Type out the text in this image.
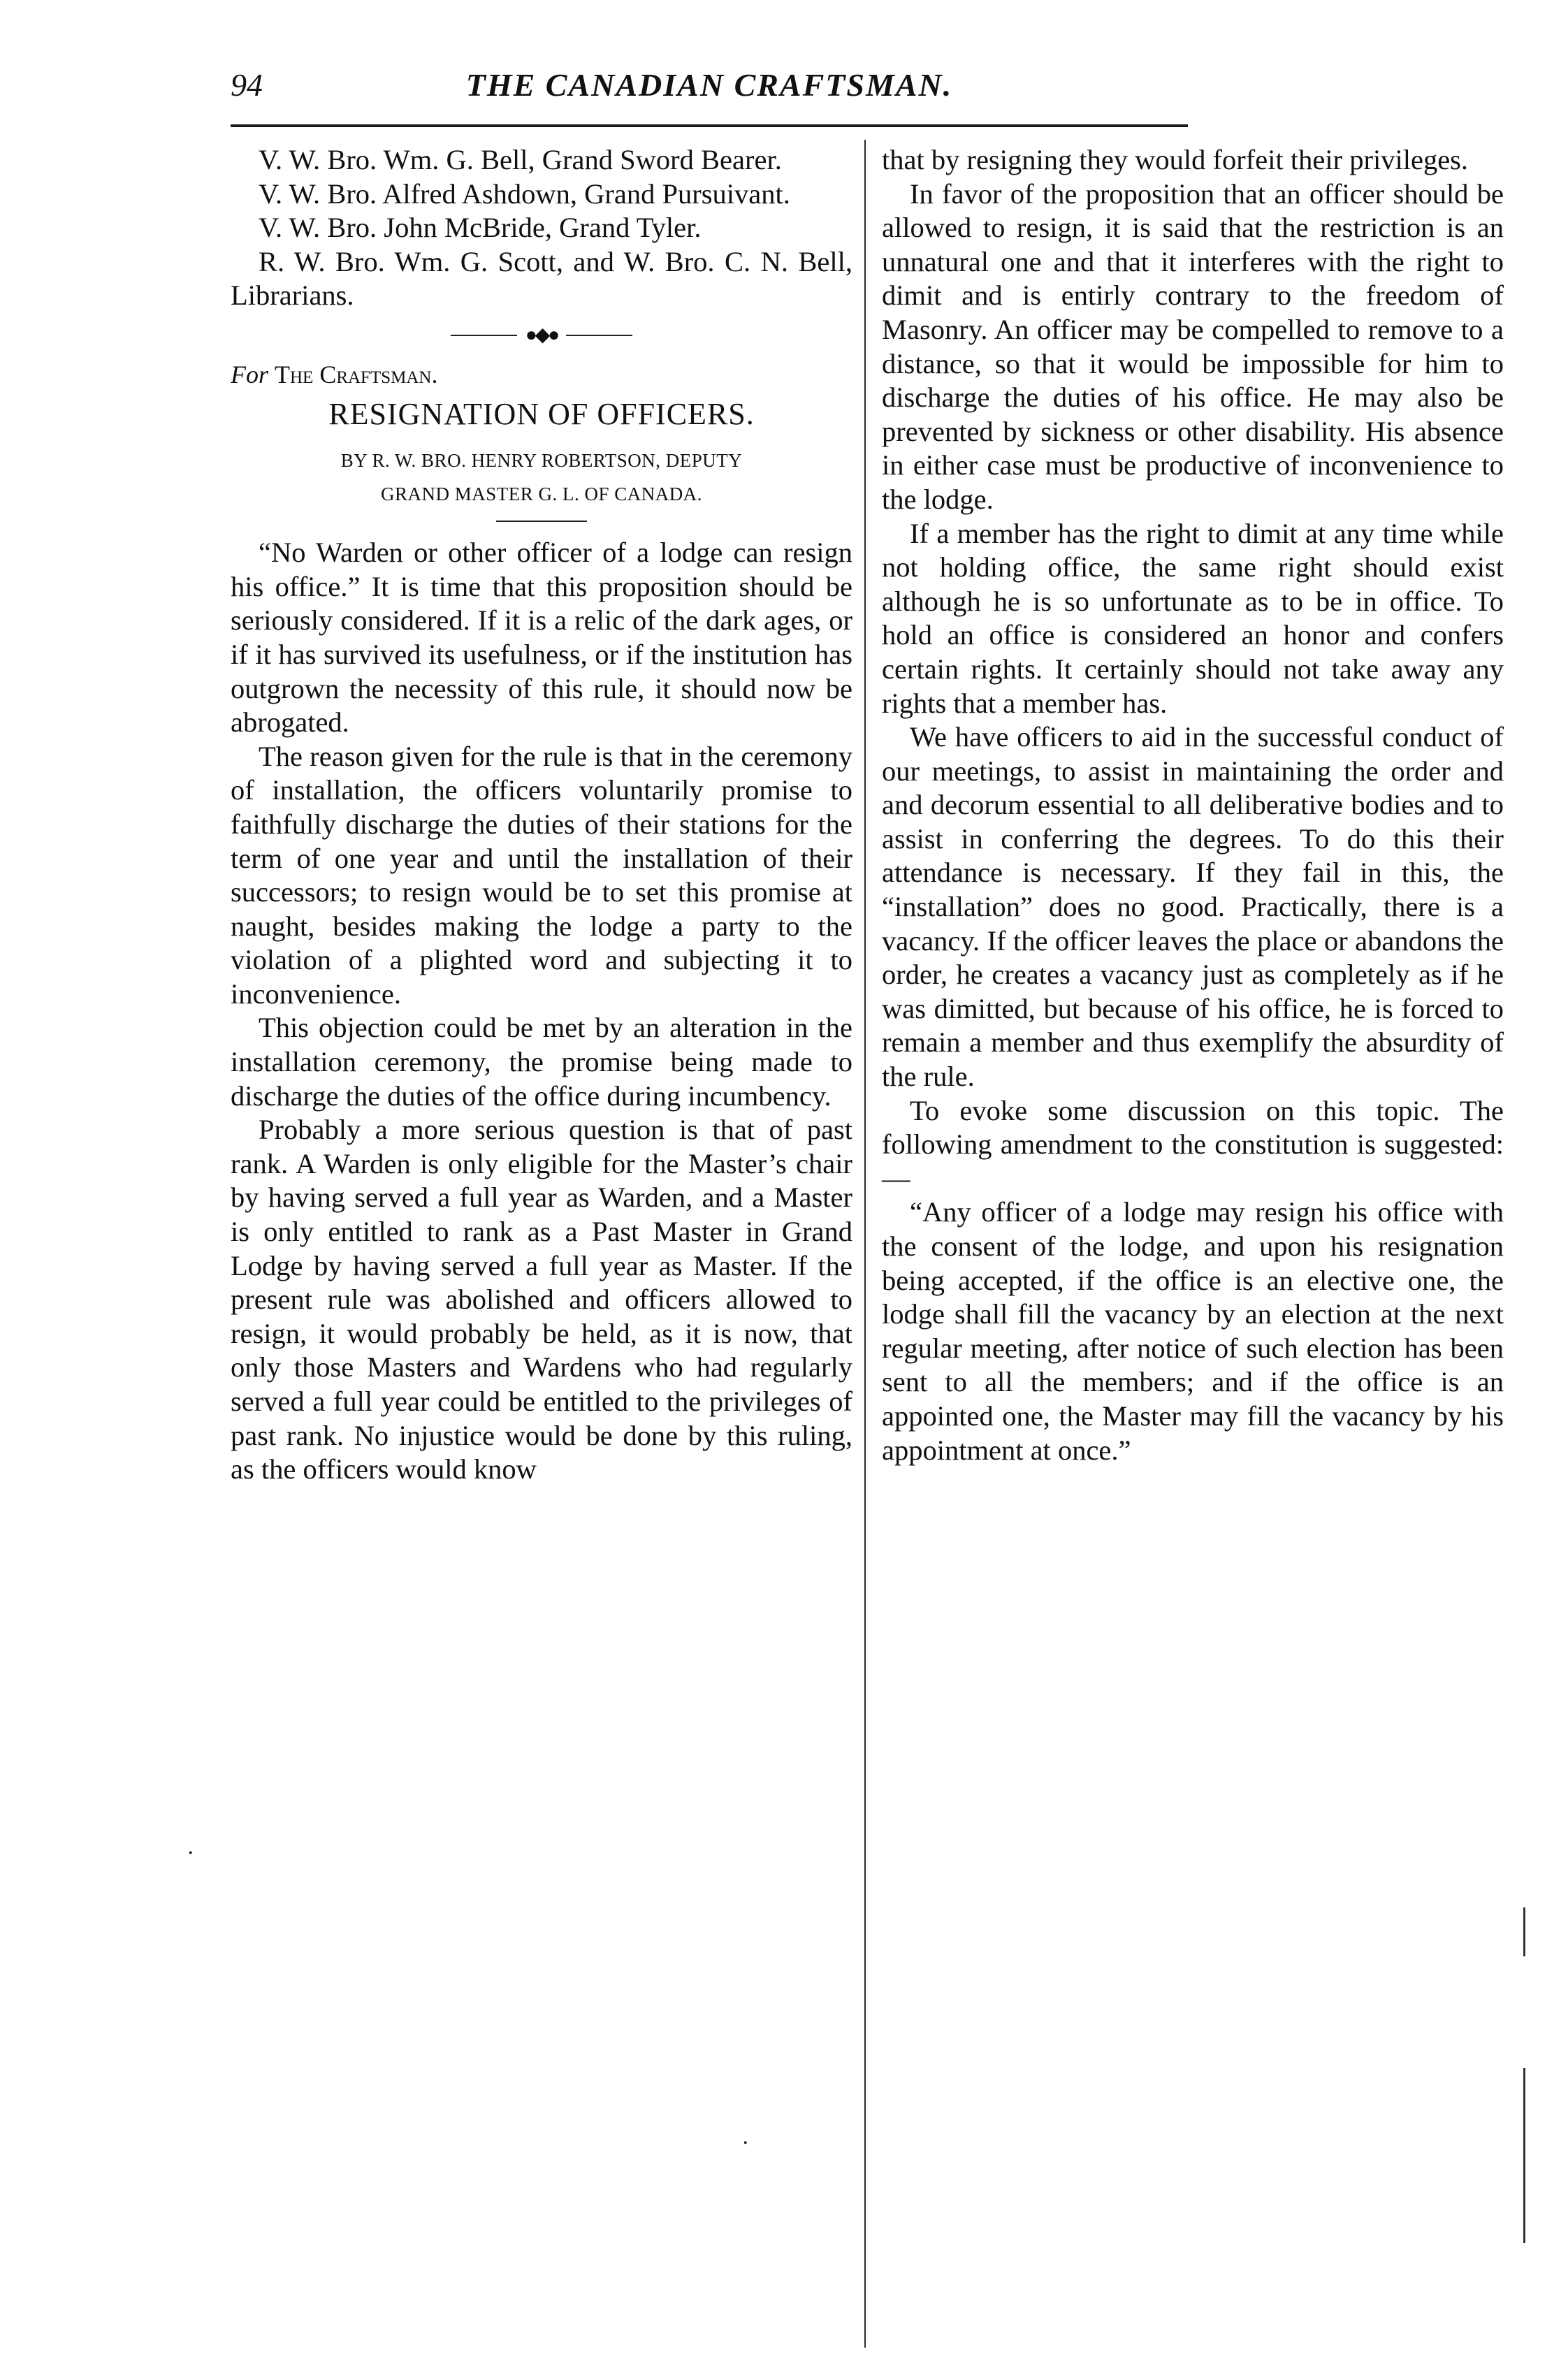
94	THE CANADIAN CRAFTSMAN.

V. W. Bro. Wm. G. Bell, Grand Sword Bearer.

V. W. Bro. Alfred Ashdown, Grand Pursuivant.

V. W. Bro. John McBride, Grand Tyler.

R. W. Bro. Wm. G. Scott, and W. Bro. C. N. Bell, Librarians.

●◆●

For The Craftsman.

RESIGNATION OF OFFICERS.

BY R. W. BRO. HENRY ROBERTSON, DEPUTY

GRAND MASTER G. L. OF CANADA.

“No Warden or other officer of a lodge can resign his office.” It is time that this proposition should be seriously considered. If it is a relic of the dark ages, or if it has survived its usefulness, or if the institution has outgrown the necessity of this rule, it should now be abrogated.

The reason given for the rule is that in the ceremony of installation, the officers voluntarily promise to faithfully discharge the duties of their stations for the term of one year and until the installation of their successors; to resign would be to set this promise at naught, besides making the lodge a party to the violation of a plighted word and subjecting it to inconvenience.

This objection could be met by an alteration in the installation ceremony, the promise being made to discharge the duties of the office during incumbency.

Probably a more serious question is that of past rank. A Warden is only eligible for the Master’s chair by having served a full year as Warden, and a Master is only entitled to rank as a Past Master in Grand Lodge by having served a full year as Master. If the present rule was abolished and officers allowed to resign, it would probably be held, as it is now, that only those Masters and Wardens who had regularly served a full year could be entitled to the privileges of past rank. No injustice would be done by this ruling, as the officers would know

that by resigning they would forfeit their privileges.

In favor of the proposition that an officer should be allowed to resign, it is said that the restriction is an unnatural one and that it interferes with the right to dimit and is entirly contrary to the freedom of Masonry. An officer may be compelled to remove to a distance, so that it would be impossible for him to discharge the duties of his office. He may also be prevented by sickness or other disability. His absence in either case must be productive of inconvenience to the lodge.

If a member has the right to dimit at any time while not holding office, the same right should exist although he is so unfortunate as to be in office. To hold an office is considered an honor and confers certain rights. It certainly should not take away any rights that a member has.

We have officers to aid in the successful conduct of our meetings, to assist in maintaining the order and and decorum essential to all deliberative bodies and to assist in conferring the degrees. To do this their attendance is necessary. If they fail in this, the “installation” does no good. Practically, there is a vacancy. If the officer leaves the place or abandons the order, he creates a vacancy just as completely as if he was dimitted, but because of his office, he is forced to remain a member and thus exemplify the absurdity of the rule.

To evoke some discussion on this topic. The following amendment to the constitution is suggested:—

“Any officer of a lodge may resign his office with the consent of the lodge, and upon his resignation being accepted, if the office is an elective one, the lodge shall fill the vacancy by an election at the next regular meeting, after notice of such election has been sent to all the members; and if the office is an appointed one, the Master may fill the vacancy by his appointment at once.”

·
·
